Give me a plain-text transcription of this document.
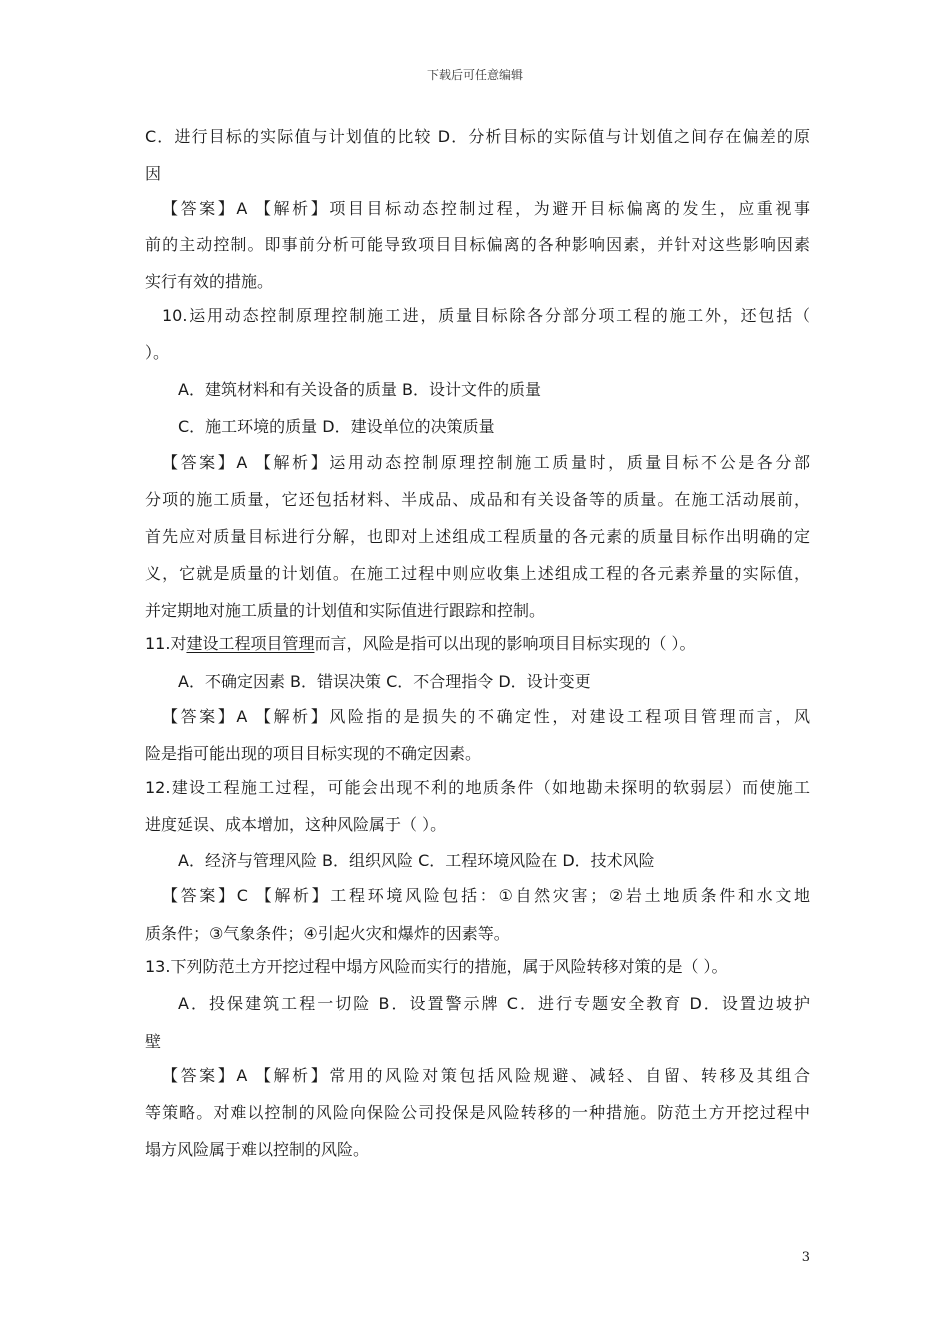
下载后可任意编辑
C．进行目标的实际值与计划值的比较 D．分析目标的实际值与计划值之间存在偏差的原
因
【答案】A 【解析】项目目标动态控制过程，为避开目标偏离的发生，应重视事
前的主动控制。即事前分析可能导致项目目标偏离的各种影响因素，并针对这些影响因素
实行有效的措施。
10.运用动态控制原理控制施工进，质量目标除各分部分项工程的施工外，还包括（
）。
A．建筑材料和有关设备的质量 B．设计文件的质量
C．施工环境的质量 D．建设单位的决策质量
【答案】A 【解析】运用动态控制原理控制施工质量时，质量目标不公是各分部
分项的施工质量，它还包括材料、半成品、成品和有关设备等的质量。在施工活动展前，
首先应对质量目标进行分解，也即对上述组成工程质量的各元素的质量目标作出明确的定
义，它就是质量的计划值。在施工过程中则应收集上述组成工程的各元素养量的实际值，
并定期地对施工质量的计划值和实际值进行跟踪和控制。
11.对建设工程项目管理而言，风险是指可以出现的影响项目目标实现的（ ）。
A．不确定因素 B．错误决策 C．不合理指令 D．设计变更
【答案】A 【解析】风险指的是损失的不确定性，对建设工程项目管理而言，风
险是指可能出现的项目目标实现的不确定因素。
12.建设工程施工过程，可能会出现不利的地质条件（如地勘未探明的软弱层）而使施工
进度延误、成本增加，这种风险属于（ ）。
A．经济与管理风险 B．组织风险 C．工程环境风险在 D．技术风险
【答案】C 【解析】工程环境风险包括：①自然灾害；②岩土地质条件和水文地
质条件；③气象条件；④引起火灾和爆炸的因素等。
13.下列防范土方开挖过程中塌方风险而实行的措施，属于风险转移对策的是（ ）。
A．投保建筑工程一切险 B．设置警示牌 C．进行专题安全教育 D．设置边坡护
壁
【答案】A 【解析】常用的风险对策包括风险规避、减轻、自留、转移及其组合
等策略。对难以控制的风险向保险公司投保是风险转移的一种措施。防范土方开挖过程中
塌方风险属于难以控制的风险。
3
